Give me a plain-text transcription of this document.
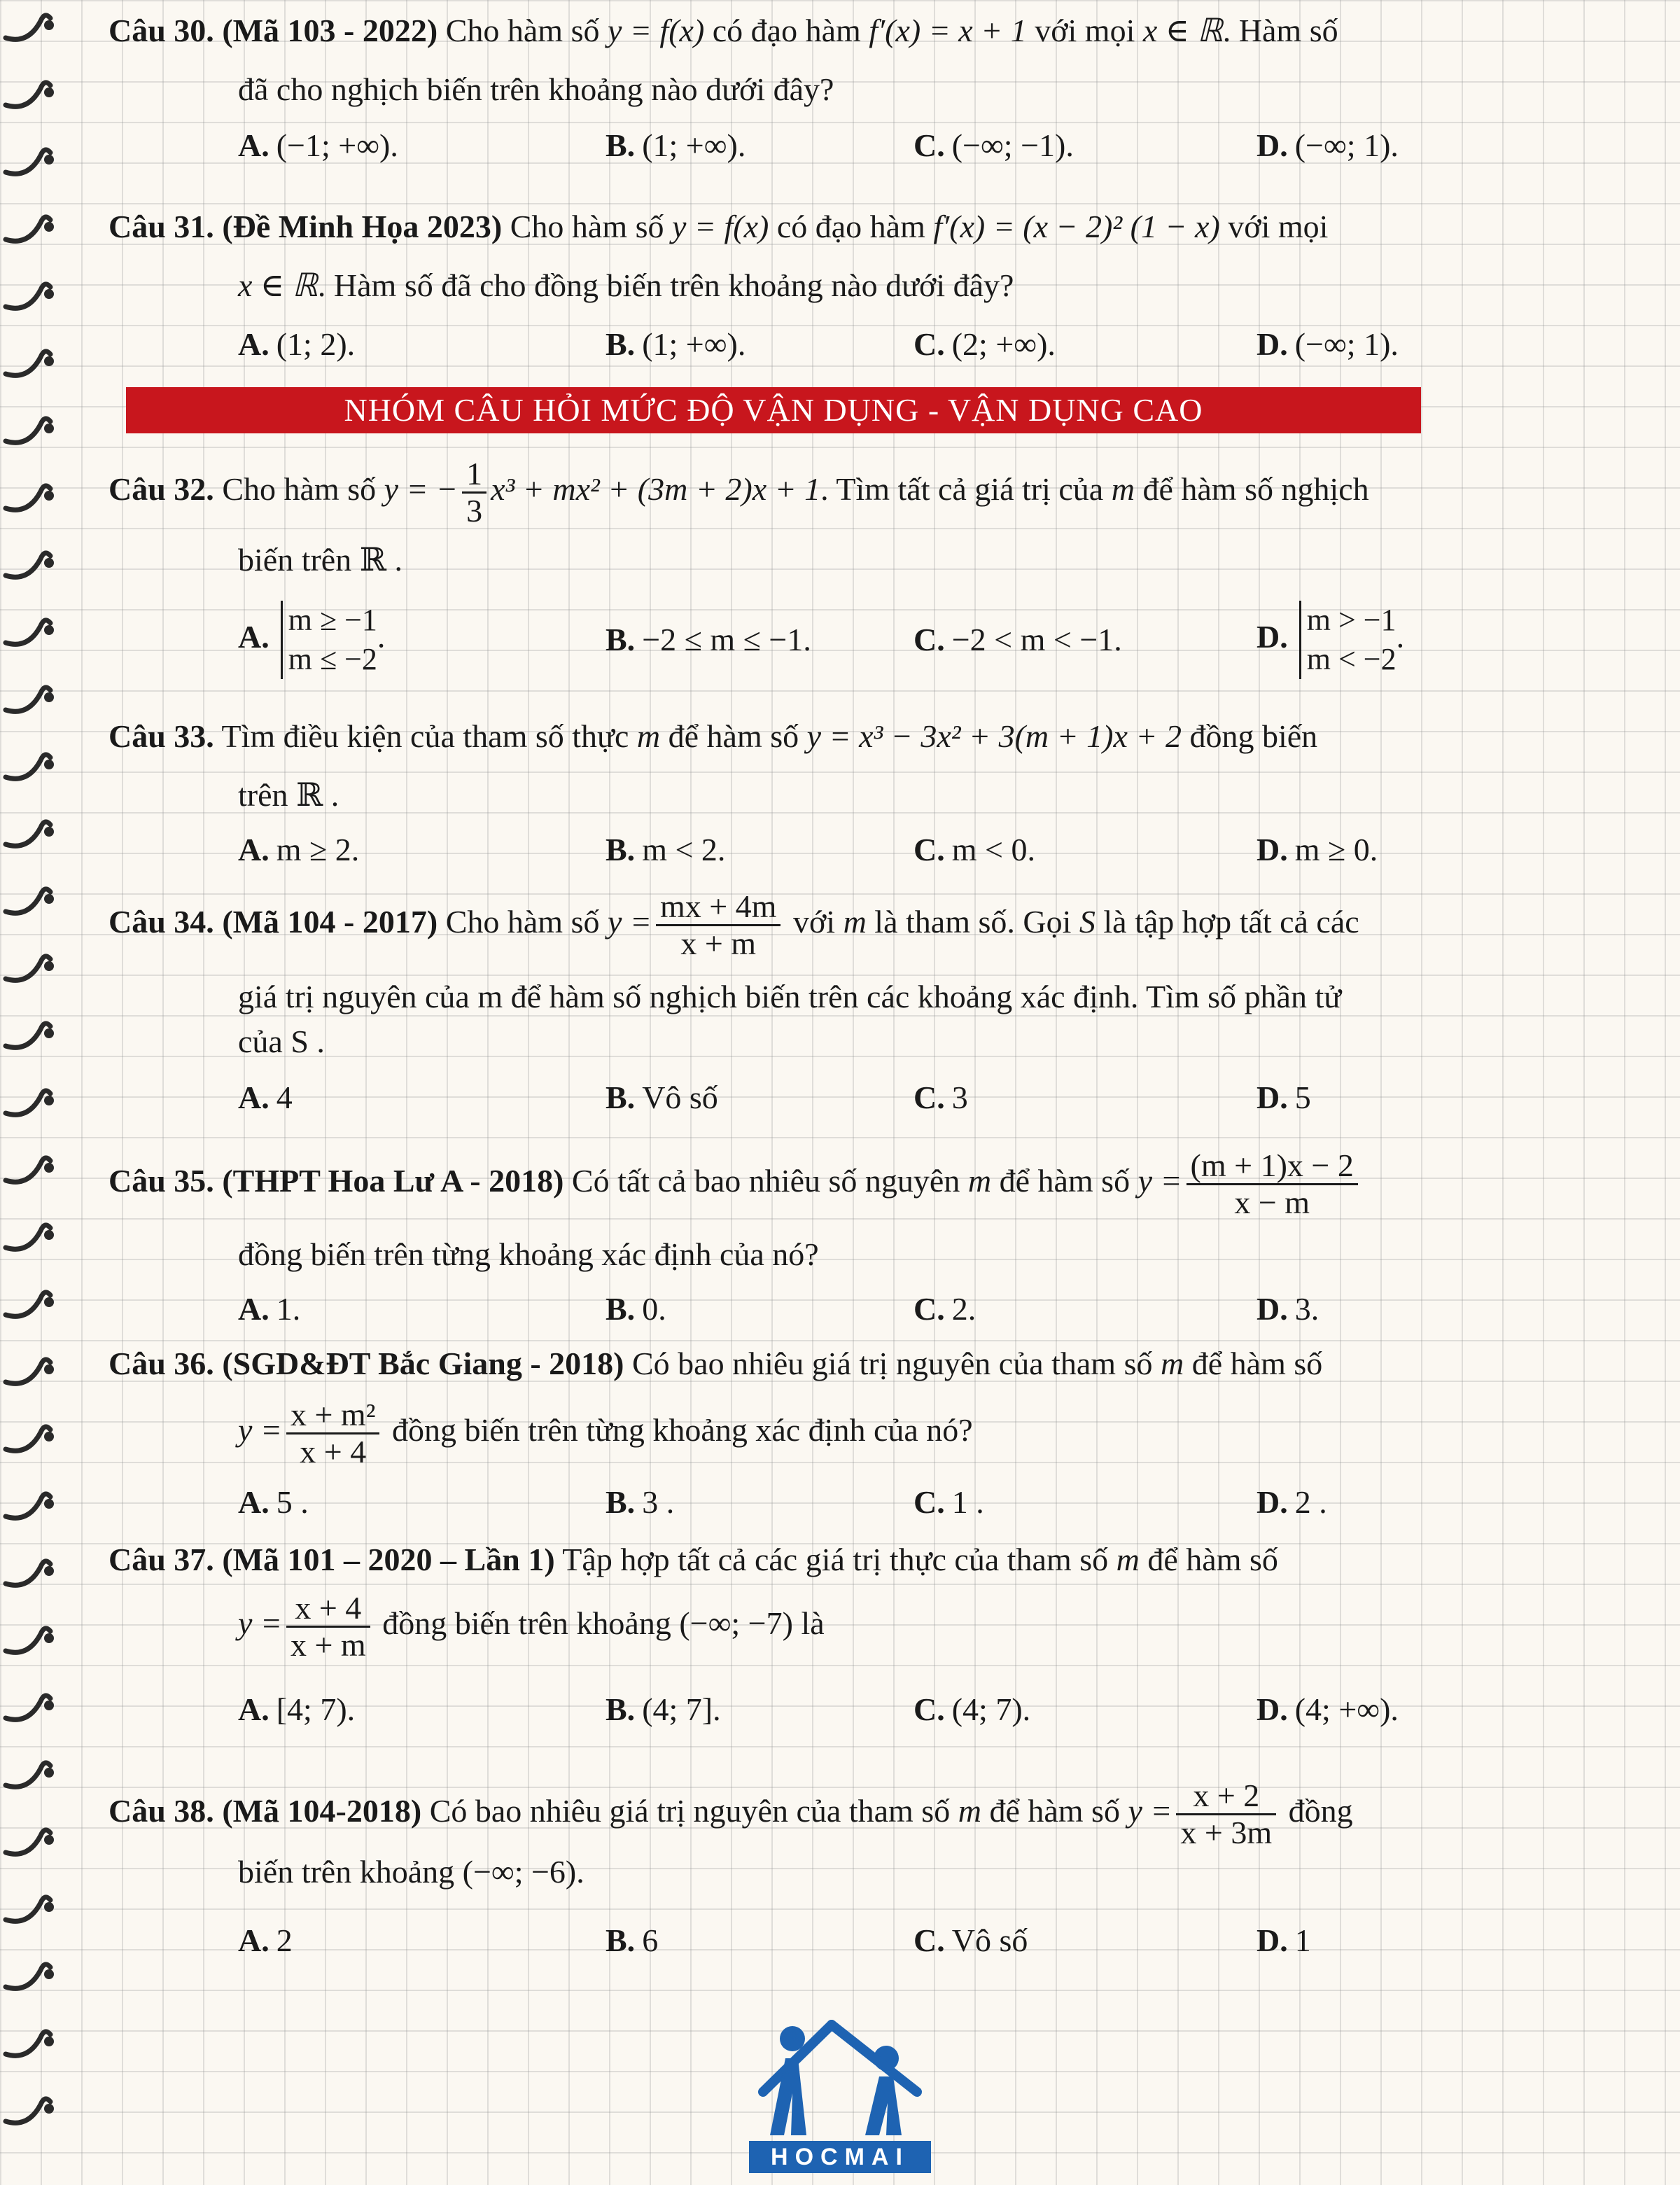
Câu 30. (Mã 103 - 2022) Cho hàm số y = f(x) có đạo hàm f′(x) = x + 1 với mọi x ∈ ℝ. Hàm số
đã cho nghịch biến trên khoảng nào dưới đây?
A. (−1; +∞).	B. (1; +∞).	C. (−∞; −1).	D. (−∞; 1).
Câu 31. (Đề Minh Họa 2023) Cho hàm số y = f(x) có đạo hàm f′(x) = (x − 2)² (1 − x) với mọi
x ∈ ℝ. Hàm số đã cho đồng biến trên khoảng nào dưới đây?
A. (1; 2).	B. (1; +∞).	C. (2; +∞).	D. (−∞; 1).
NHÓM CÂU HỎI MỨC ĐỘ VẬN DỤNG - VẬN DỤNG CAO
Câu 32. Cho hàm số y = − $\frac{1}{3} x^3 + mx^2 + (3m + 2)x + 1$. Tìm tất cả giá trị của m để hàm số nghịch
biến trên ℝ .
A. m ≥ −1
m ≤ −2
.	B. −2 ≤ m ≤ −1.	C. −2 < m < −1.	D. m > −1
m < −2
.
Câu 33. Tìm điều kiện của tham số thực m để hàm số y = x³ − 3x² + 3(m + 1)x + 2 đồng biến
trên ℝ .
A. m ≥ 2.	B. m < 2.	C. m < 0.	D. m ≥ 0.
Câu 34. (Mã 104 - 2017) Cho hàm số $y = \frac{mx + 4m}{x + m}$ với m là tham số. Gọi S là tập hợp tất cả các
giá trị nguyên của m để hàm số nghịch biến trên các khoảng xác định. Tìm số phần tử
của S .
A. 4	B. Vô số	C. 3	D. 5
Câu 35. (THPT Hoa Lư A - 2018) Có tất cả bao nhiêu số nguyên m để hàm số $y = \frac{(m + 1)x - 2}{x - m}$
đồng biến trên từng khoảng xác định của nó?
A. 1.	B. 0.	C. 2.	D. 3.
Câu 36. (SGD&ĐT Bắc Giang - 2018) Có bao nhiêu giá trị nguyên của tham số m để hàm số
$y = \frac{\text{x + m²}}{x + 4}$ đồng biến trên từng khoảng xác định của nó?
A. 5 .	B. 3 .	C. 1 .	D. 2 .
Câu 37. (Mã 101 – 2020 – Lần 1) Tập hợp tất cả các giá trị thực của tham số m để hàm số
$y = \frac{x + 4}{x + m}$ đồng biến trên khoảng (−∞; −7) là
A. [4; 7).	B. (4; 7].	C. (4; 7).	D. (4; +∞).
Câu 38. (Mã 104-2018) Có bao nhiêu giá trị nguyên của tham số m để hàm số $y = \frac{x + 2}{x + 3m}$ đồng
biến trên khoảng (−∞; −6).
A. 2	B. 6	C. Vô số	D. 1
HOCMAI
